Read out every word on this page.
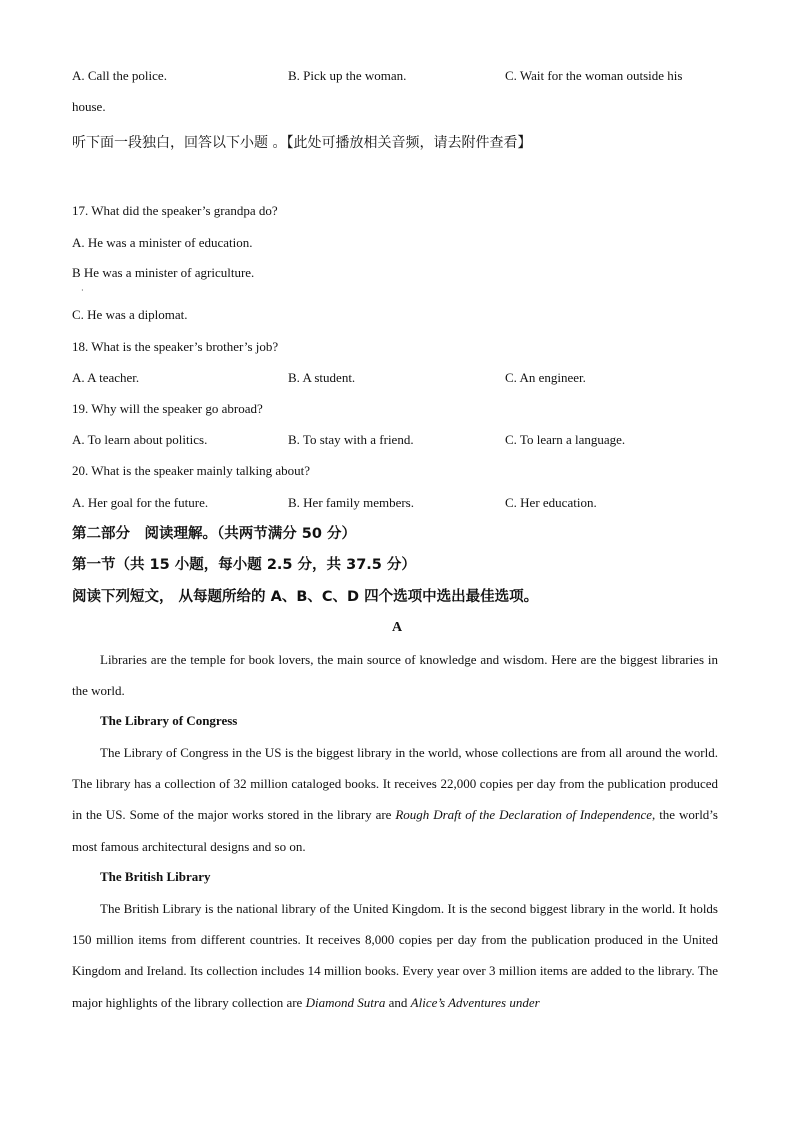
A. Call the police.	B. Pick up the woman.	C. Wait for the woman outside his
house.
听下面一段独白，回答以下小题 。【此处可播放相关音频，请去附件查看】
17. What did the speaker’s grandpa do?
A. He was a minister of education.
B He was a minister of agriculture.
·
C. He was a diplomat.
18. What is the speaker’s brother’s job?
A. A teacher.	B. A student.	C. An engineer.
19. Why will the speaker go abroad?
A. To learn about politics.	B. To stay with a friend.	C. To learn a language.
20. What is the speaker mainly talking about?
A. Her goal for the future.	B. Her family members.	C. Her education.
第二部分　阅读理解。（共两节满分 50 分）
第一节（共 15 小题，每小题 2.5 分，共 37.5 分）
阅读下列短文， 从每题所给的 A、B、C、D 四个选项中选出最佳选项。
A
Libraries are the temple for book lovers, the main source of knowledge and wisdom. Here are the biggest libraries in the world.
The Library of Congress
The Library of Congress in the US is the biggest library in the world, whose collections are from all around the world. The library has a collection of 32 million cataloged books. It receives 22,000 copies per day from the publication produced in the US. Some of the major works stored in the library are Rough Draft of the Declaration of Independence, the world’s most famous architectural designs and so on.
The British Library
The British Library is the national library of the United Kingdom. It is the second biggest library in the world. It holds 150 million items from different countries. It receives 8,000 copies per day from the publication produced in the United Kingdom and Ireland. Its collection includes 14 million books. Every year over 3 million items are added to the library. The major highlights of the library collection are Diamond Sutra and Alice’s Adventures under
